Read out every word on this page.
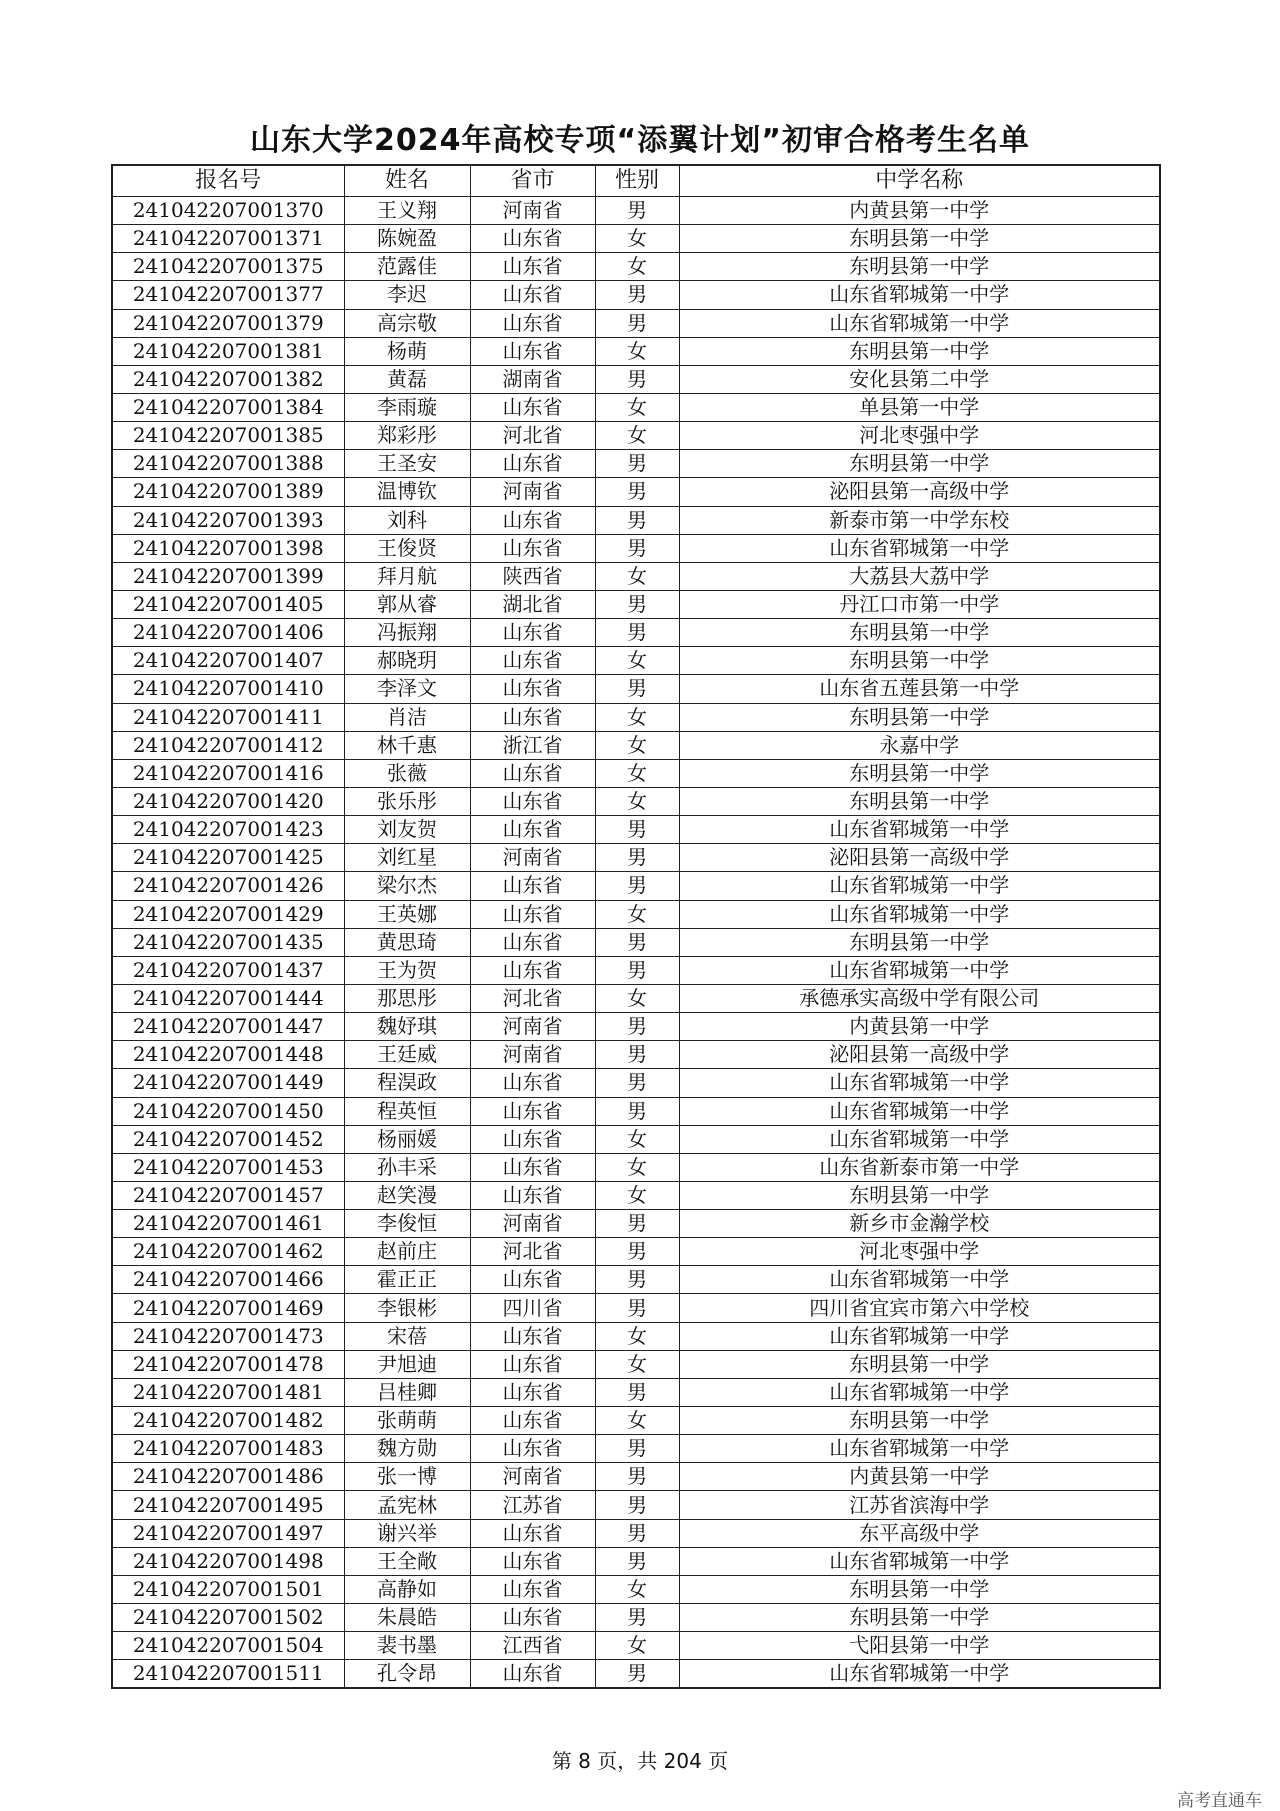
山东大学2024年高校专项“添翼计划”初审合格考生名单
报名号	姓名	省市	性别	中学名称
241042207001370	王义翔	河南省	男	内黄县第一中学
241042207001371	陈婉盈	山东省	女	东明县第一中学
241042207001375	范露佳	山东省	女	东明县第一中学
241042207001377	李迟	山东省	男	山东省郓城第一中学
241042207001379	高宗敬	山东省	男	山东省郓城第一中学
241042207001381	杨萌	山东省	女	东明县第一中学
241042207001382	黄磊	湖南省	男	安化县第二中学
241042207001384	李雨璇	山东省	女	单县第一中学
241042207001385	郑彩彤	河北省	女	河北枣强中学
241042207001388	王圣安	山东省	男	东明县第一中学
241042207001389	温博钦	河南省	男	泌阳县第一高级中学
241042207001393	刘科	山东省	男	新泰市第一中学东校
241042207001398	王俊贤	山东省	男	山东省郓城第一中学
241042207001399	拜月航	陕西省	女	大荔县大荔中学
241042207001405	郭从睿	湖北省	男	丹江口市第一中学
241042207001406	冯振翔	山东省	男	东明县第一中学
241042207001407	郝晓玥	山东省	女	东明县第一中学
241042207001410	李泽文	山东省	男	山东省五莲县第一中学
241042207001411	肖洁	山东省	女	东明县第一中学
241042207001412	林千惠	浙江省	女	永嘉中学
241042207001416	张薇	山东省	女	东明县第一中学
241042207001420	张乐彤	山东省	女	东明县第一中学
241042207001423	刘友贺	山东省	男	山东省郓城第一中学
241042207001425	刘红星	河南省	男	泌阳县第一高级中学
241042207001426	梁尔杰	山东省	男	山东省郓城第一中学
241042207001429	王英娜	山东省	女	山东省郓城第一中学
241042207001435	黄思琦	山东省	男	东明县第一中学
241042207001437	王为贺	山东省	男	山东省郓城第一中学
241042207001444	那思彤	河北省	女	承德承实高级中学有限公司
241042207001447	魏妤琪	河南省	男	内黄县第一中学
241042207001448	王廷威	河南省	男	泌阳县第一高级中学
241042207001449	程淏政	山东省	男	山东省郓城第一中学
241042207001450	程英恒	山东省	男	山东省郓城第一中学
241042207001452	杨丽媛	山东省	女	山东省郓城第一中学
241042207001453	孙丰采	山东省	女	山东省新泰市第一中学
241042207001457	赵笑漫	山东省	女	东明县第一中学
241042207001461	李俊恒	河南省	男	新乡市金瀚学校
241042207001462	赵前庄	河北省	男	河北枣强中学
241042207001466	霍正正	山东省	男	山东省郓城第一中学
241042207001469	李银彬	四川省	男	四川省宜宾市第六中学校
241042207001473	宋蓓	山东省	女	山东省郓城第一中学
241042207001478	尹旭迪	山东省	女	东明县第一中学
241042207001481	吕桂卿	山东省	男	山东省郓城第一中学
241042207001482	张萌萌	山东省	女	东明县第一中学
241042207001483	魏方勋	山东省	男	山东省郓城第一中学
241042207001486	张一博	河南省	男	内黄县第一中学
241042207001495	孟宪林	江苏省	男	江苏省滨海中学
241042207001497	谢兴举	山东省	男	东平高级中学
241042207001498	王全敞	山东省	男	山东省郓城第一中学
241042207001501	高静如	山东省	女	东明县第一中学
241042207001502	朱晨皓	山东省	男	东明县第一中学
241042207001504	裴书墨	江西省	女	弋阳县第一中学
241042207001511	孔令昂	山东省	男	山东省郓城第一中学
第 8 页，共 204 页
高考直通车
